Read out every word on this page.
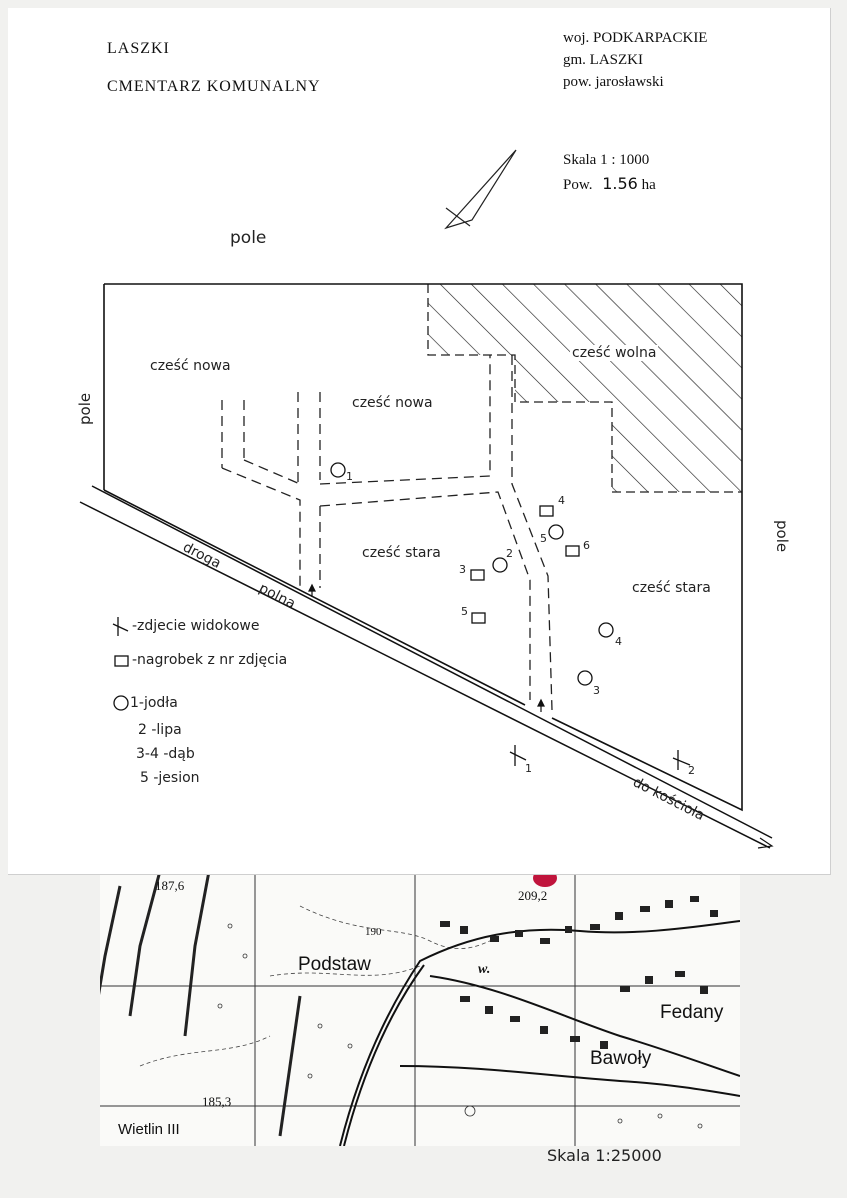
187,6
209,2
190
185,3
Podstaw
Fedany
Bawoły
Wietlin III
w.
Skala 1:25000
LASZKI
CMENTARZ KOMUNALNY
woj. PODKARPACKIE
gm. LASZKI
pow. jarosławski
Skala 1 : 1000
Pow. 1.56 ha
pole
pole
droga
polna
do kościoła
pole
cześć nowa
cześć nowa
cześć wolna
cześć stara
cześć stara
1
2
3
4
5
3
4
5
6
1	2
-zdjecie widokowe
-nagrobek z nr zdjęcia
1-jodła
2 -lipa
3-4 -dąb
5 -jesion
